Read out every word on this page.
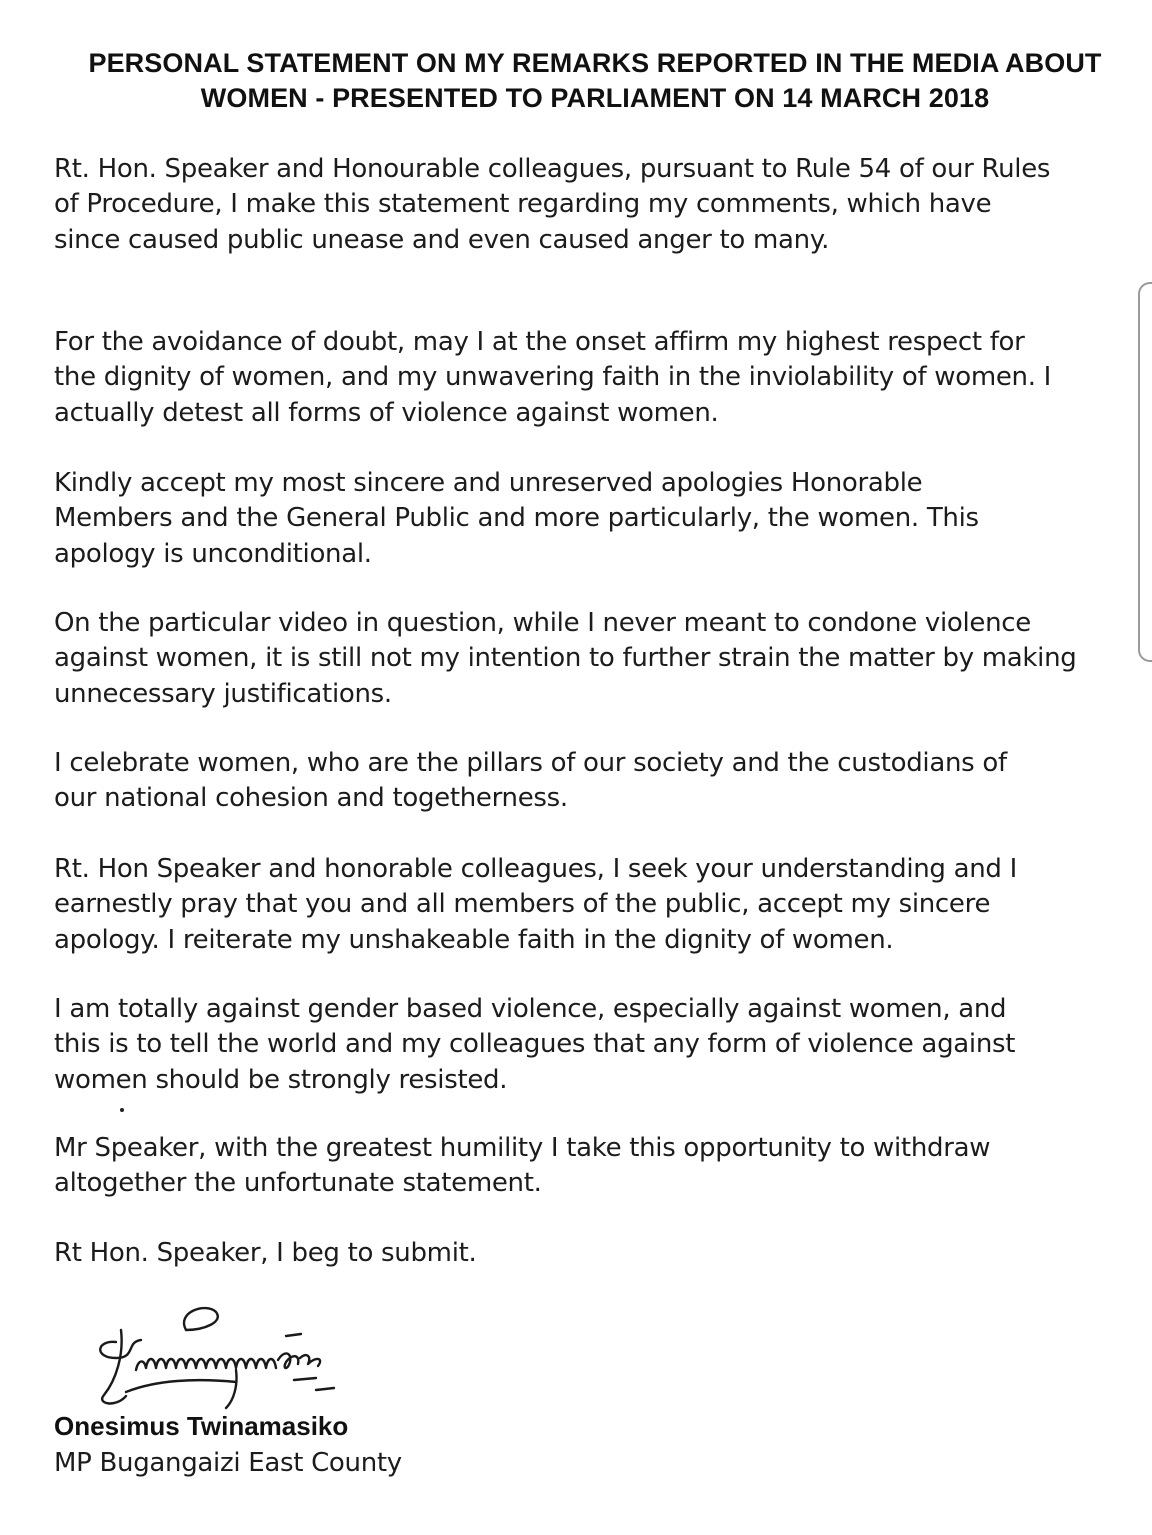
PERSONAL STATEMENT ON MY REMARKS REPORTED IN THE MEDIA ABOUT
WOMEN - PRESENTED TO PARLIAMENT ON 14 MARCH 2018

Rt. Hon. Speaker and Honourable colleagues, pursuant to Rule 54 of our Rules
of Procedure, I make this statement regarding my comments, which have
since caused public unease and even caused anger to many.

For the avoidance of doubt, may I at the onset affirm my highest respect for
the dignity of women, and my unwavering faith in the inviolability of women. I
actually detest all forms of violence against women.

Kindly accept my most sincere and unreserved apologies Honorable
Members and the General Public and more particularly, the women. This
apology is unconditional.

On the particular video in question, while I never meant to condone violence
against women, it is still not my intention to further strain the matter by making
unnecessary justifications.

I celebrate women, who are the pillars of our society and the custodians of
our national cohesion and togetherness.

Rt. Hon Speaker and honorable colleagues, I seek your understanding and I
earnestly pray that you and all members of the public, accept my sincere
apology. I reiterate my unshakeable faith in the dignity of women.

I am totally against gender based violence, especially against women, and
this is to tell the world and my colleagues that any form of violence against
women should be strongly resisted.

Mr Speaker, with the greatest humility I take this opportunity to withdraw
altogether the unfortunate statement.

Rt Hon. Speaker, I beg to submit.

Onesimus Twinamasiko
MP Bugangaizi East County
